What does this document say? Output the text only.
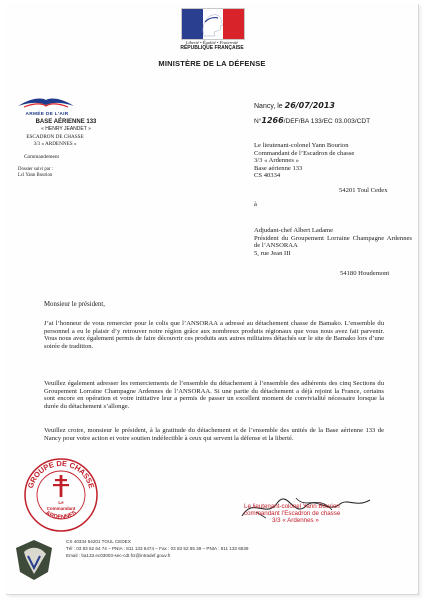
Liberté • Égalité • Fraternité
RÉPUBLIQUE FRANÇAISE
MINISTÈRE DE LA DÉFENSE
ARMÉE DE L’AIR
BASE AÉRIENNE 133
« HENRY JEANDET »
ESCADRON DE CHASSE
3/3 « ARDENNES »
Commandement
Dossier suivi par :
Lcl Yann Bourion
Nancy, le 26/07/2013
N°1266/DEF/BA 133/EC 03.003/CDT
Le lieutenant-colonel Yann Bourion
Commandant de l’Escadron de chasse
3/3 « Ardennes »
Base aérienne 133
CS 40334
54201 Toul Cedex
à
Adjudant-chef Albert Ladame
Président du Groupement Lorraine Champagne Ardennes de l’ANSORAA
5, rue Jean III
54180 Houdemont
Monsieur le président,
J’ai l’honneur de vous remercier pour le colis que l’ANSORAA a adressé au détachement chasse de Bamako. L’ensemble du personnel a eu le plaisir d’y retrouver notre région grâce aux nombreux produits régionaux que vous nous avez fait parvenir. Vous nous avez également permis de faire découvrir ces produits aux autres militaires détachés sur le site de Bamako lors d’une soirée de tradition.
Veuillez également adresser les remerciements de l’ensemble du détachement à l’ensemble des adhérents des cinq Sections du Groupement Lorraine Champagne Ardennes de l’ANSORAA. Si une partie du détachement a déjà rejoint la France, certains sont encore en opération et votre initiative leur a permis de passer un excellent moment de convivialité nécessaire lorsque la durée du détachement s’allonge.
Veuillez croire, monsieur le président, à la gratitude du détachement et de l’ensemble des unités de la Base aérienne 133 de Nancy pour votre action et votre soutien indéfectible à ceux qui servent la défense et la liberté.
GROUPE DE CHASSE
ARDENNES
Le
Commandant	Le lieutenant-colonel Yann Bourion
commandant l’Escadron de chasse
3/3 « Ardennes »
CS 40334 54201 TOUL CEDEX
Tél : 03 83 52 64 74 – PNIA : 811 133 6474 – Fax : 03 83 52 65 39 – PNIA : 811 133 6539
Email : ba133.ec03003-sec-cdt.fct@intradef.gouv.fr
